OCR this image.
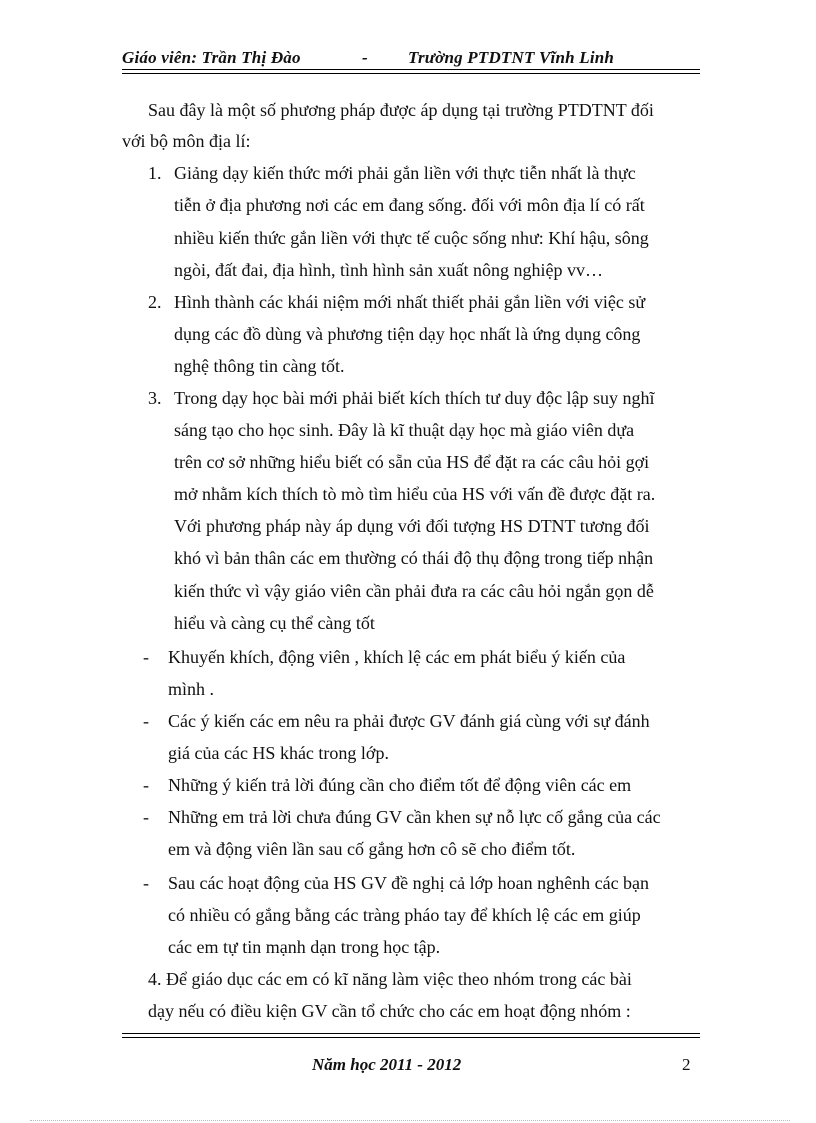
Giáo viên: Trần Thị Đào	- Trường PTDTNT Vĩnh Linh
Sau đây là một số phương pháp được áp dụng tại trường PTDTNT đối
với bộ môn địa lí:
1. Giảng dạy kiến thức mới phải gắn liền với thực tiễn nhất là thực
tiễn ở địa phương nơi các em đang sống. đối với môn địa lí có rất
nhiều kiến thức gắn liền với thực tế cuộc sống như: Khí hậu, sông
ngòi, đất đai, địa hình, tình hình sản xuất nông nghiệp vv…
2. Hình thành các khái niệm mới nhất thiết phải gắn liền với việc sử
dụng các đồ dùng và phương tiện dạy học nhất là ứng dụng công
nghệ thông tin càng tốt.
3. Trong dạy học bài mới phải biết kích thích tư duy độc lập suy nghĩ
sáng tạo cho học sinh. Đây là kĩ thuật dạy học mà giáo viên dựa
trên cơ sở những hiểu biết có sẵn của HS để đặt ra các câu hỏi gợi
mở nhằm kích thích tò mò tìm hiểu của HS với vấn đề được đặt ra.
Với phương pháp này áp dụng với đối tượng HS DTNT tương đối
khó vì bản thân các em thường có thái độ thụ động trong tiếp nhận
kiến thức vì vậy giáo viên cần phải đưa ra các câu hỏi ngắn gọn dễ
hiểu và càng cụ thể càng tốt
- Khuyến khích, động viên , khích lệ các em phát biểu ý kiến của
mình .
- Các ý kiến các em nêu ra phải được GV đánh giá cùng với sự đánh
giá của các HS khác trong lớp.
- Những ý kiến trả lời đúng cần cho điểm tốt để động viên các em
- Những em trả lời chưa đúng GV cần khen sự nỗ lực cố gắng của các
em và động viên lần sau cố gắng hơn cô sẽ cho điểm tốt.
- Sau các hoạt động của HS GV đề nghị cả lớp hoan nghênh các bạn
có nhiều có gắng bằng các tràng pháo tay để khích lệ các em giúp
các em tự tin mạnh dạn trong học tập.
4. Để giáo dục các em có kĩ năng làm việc theo nhóm trong các bài
dạy nếu có điều kiện GV cần tổ chức cho các em hoạt động nhóm :
Năm học 2011 - 2012	2
